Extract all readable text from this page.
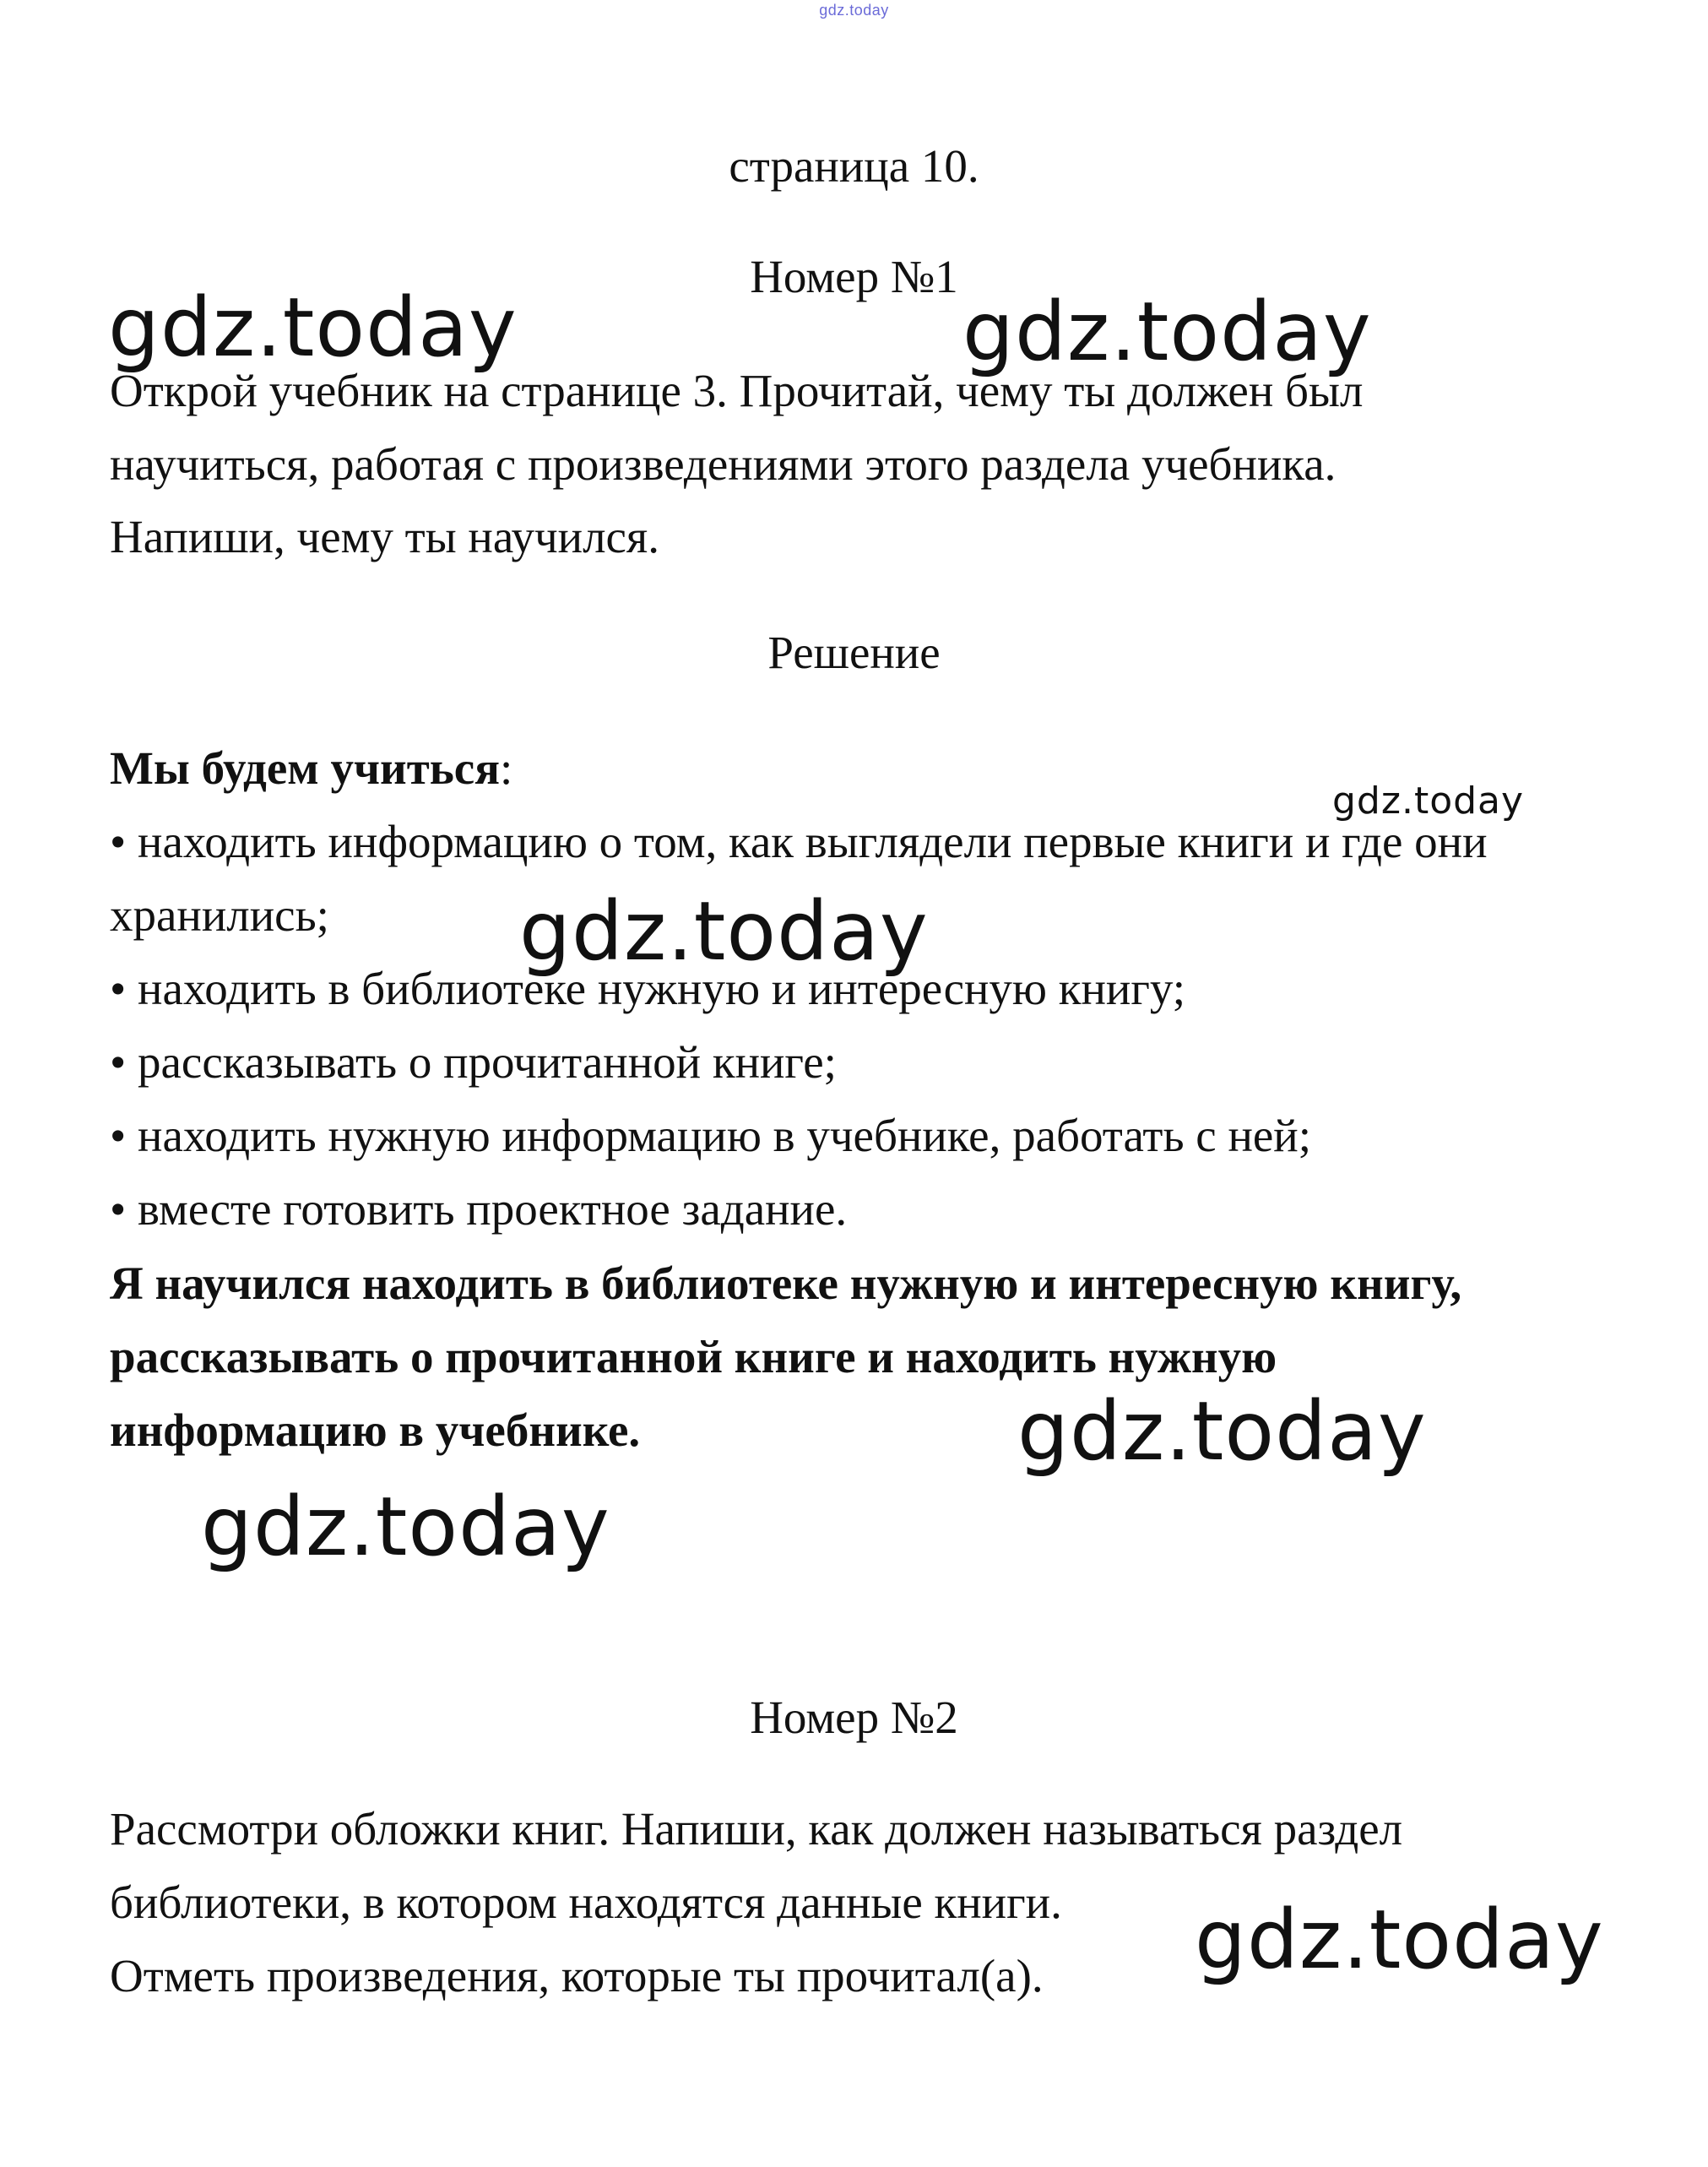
gdz.today
страница 10.
Номер №1
Открой учебник на странице 3. Прочитай, чему ты должен был
научиться, работая с произведениями этого раздела учебника.
Напиши, чему ты научился.
Решение
Мы будем учиться:
• находить информацию о том, как выглядели первые книги и где они
хранились;
• находить в библиотеке нужную и интересную книгу;
• рассказывать о прочитанной книге;
• находить нужную информацию в учебнике, работать с ней;
• вместе готовить проектное задание.
Я научился находить в библиотеке нужную и интересную книгу,
рассказывать о прочитанной книге и находить нужную
информацию в учебнике.
Номер №2
Рассмотри обложки книг. Напиши, как должен называться раздел
библиотеки, в котором находятся данные книги.
Отметь произведения, которые ты прочитал(а).
gdz.today	gdz.today
gdz.today
gdz.today
gdz.today
gdz.today
gdz.today
